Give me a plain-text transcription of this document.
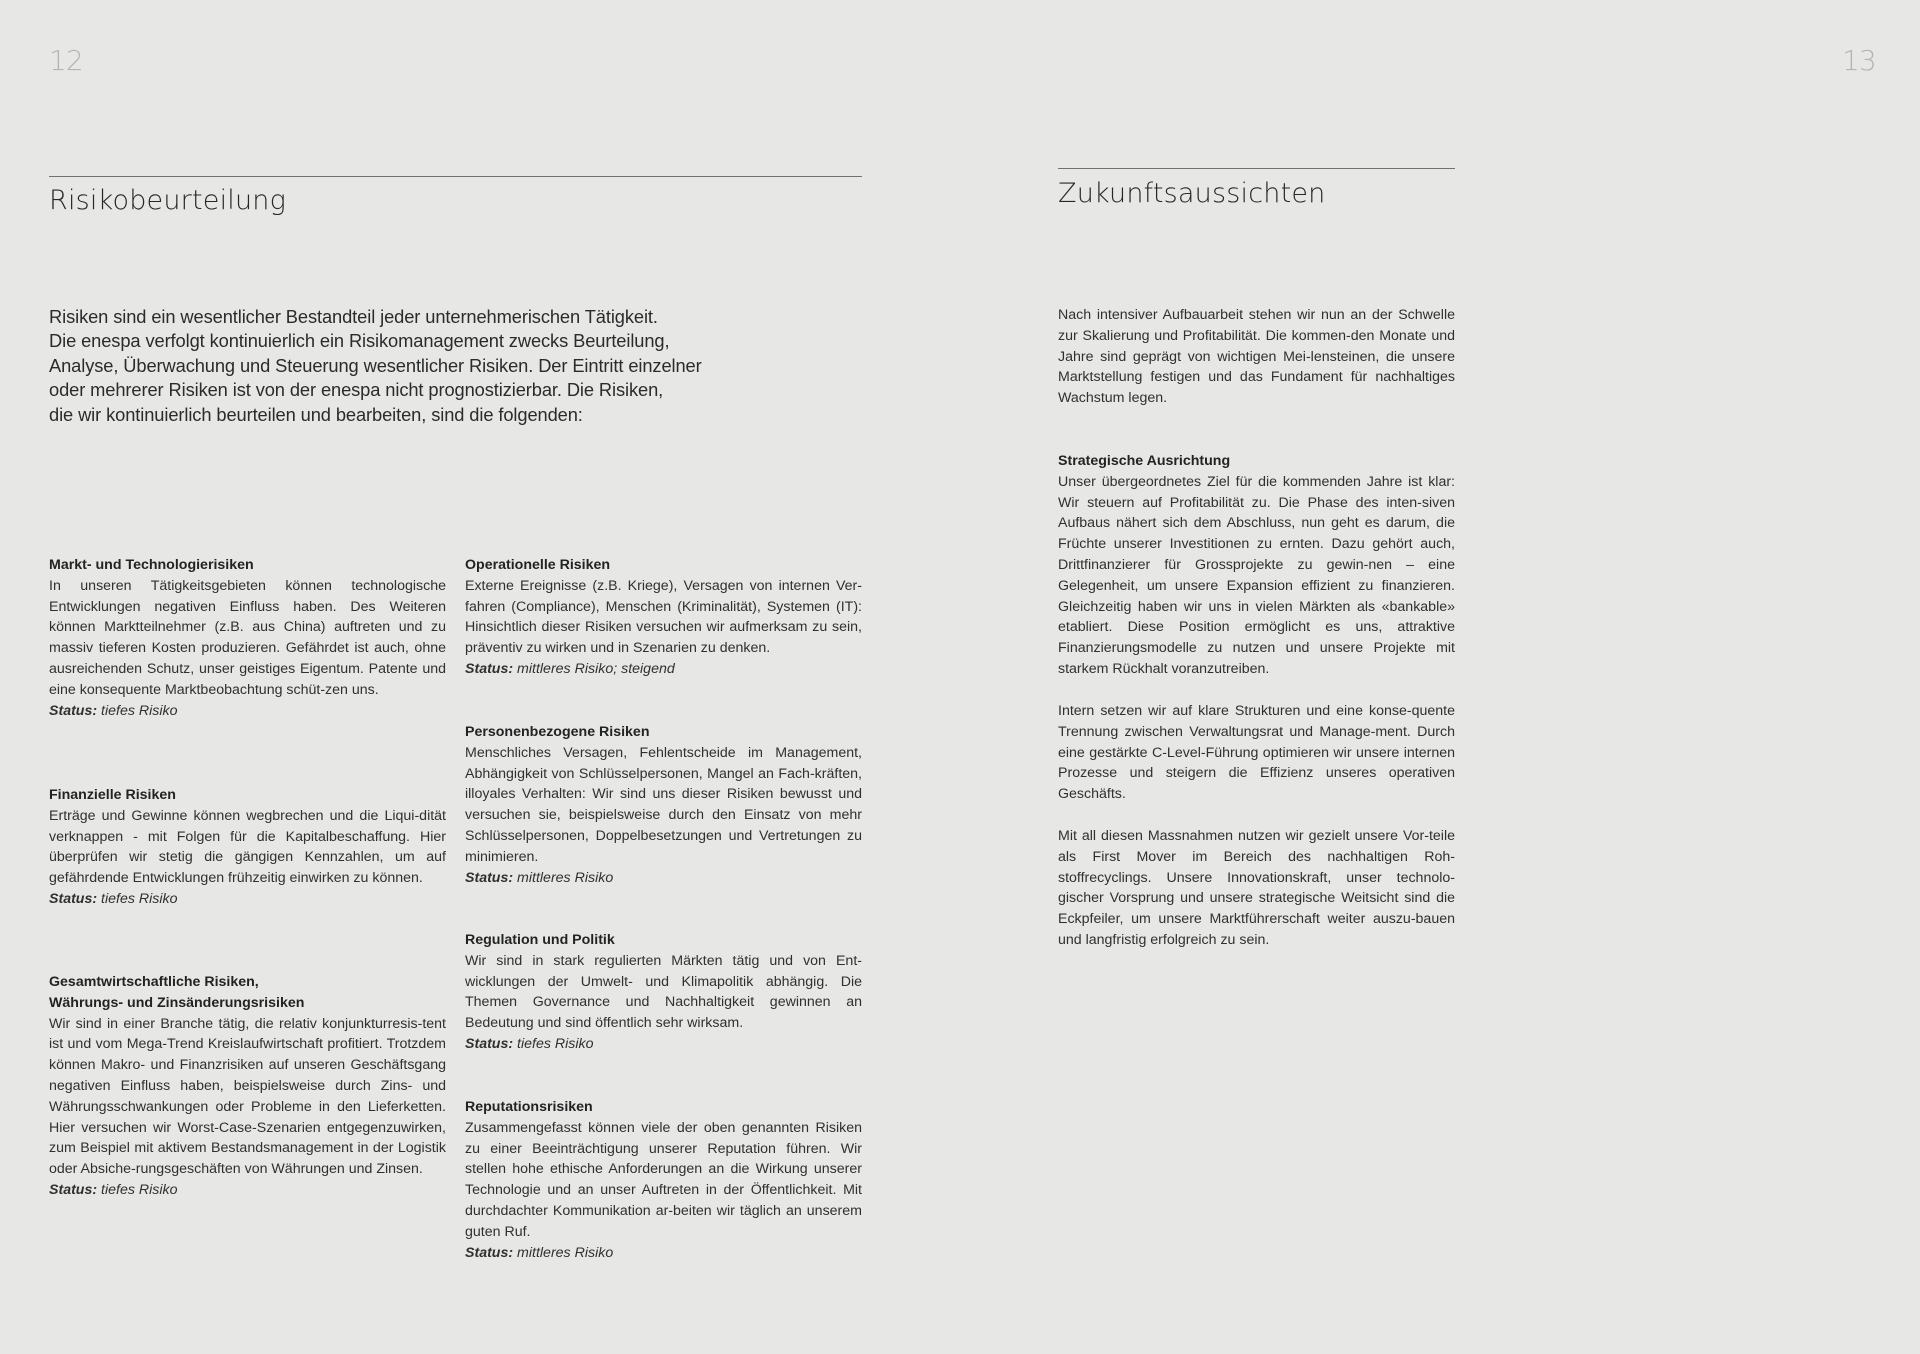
12	13
Risikobeurteilung
Risiken sind ein wesentlicher Bestandteil jeder unternehmerischen Tätigkeit.
Die enespa verfolgt kontinuierlich ein Risikomanagement zwecks Beurteilung,
Analyse, Überwachung und Steuerung wesentlicher Risiken. Der Eintritt einzelner
oder mehrerer Risiken ist von der enespa nicht prognostizierbar. Die Risiken,
die wir kontinuierlich beurteilen und bearbeiten, sind die folgenden:
Markt- und Technologierisiken

In unseren Tätigkeitsgebieten können technologische Entwicklungen negativen Einfluss haben. Des Weiteren können Marktteilnehmer (z.B. aus China) auftreten und zu massiv tieferen Kosten produzieren. Gefährdet ist auch, ohne ausreichenden Schutz, unser geistiges Eigentum. Patente und eine konsequente Marktbeobachtung schüt-zen uns.

Status: tiefes Risiko
Finanzielle Risiken

Erträge und Gewinne können wegbrechen und die Liqui-dität verknappen - mit Folgen für die Kapitalbeschaffung. Hier überprüfen wir stetig die gängigen Kennzahlen, um auf gefährdende Entwicklungen frühzeitig einwirken zu können.

Status: tiefes Risiko
Gesamtwirtschaftliche Risiken,
Währungs- und Zinsänderungsrisiken

Wir sind in einer Branche tätig, die relativ konjunkturresis-tent ist und vom Mega-Trend Kreislaufwirtschaft profitiert. Trotzdem können Makro- und Finanzrisiken auf unseren Geschäftsgang negativen Einfluss haben, beispielsweise durch Zins- und Währungsschwankungen oder Probleme in den Lieferketten. Hier versuchen wir Worst-Case-Szenarien entgegenzuwirken, zum Beispiel mit aktivem Bestandsmanagement in der Logistik oder Absiche-rungsgeschäften von Währungen und Zinsen.

Status: tiefes Risiko
Operationelle Risiken

Externe Ereignisse (z.B. Kriege), Versagen von internen Ver-fahren (Compliance), Menschen (Kriminalität), Systemen (IT): Hinsichtlich dieser Risiken versuchen wir aufmerksam zu sein, präventiv zu wirken und in Szenarien zu denken.

Status: mittleres Risiko; steigend
Personenbezogene Risiken

Menschliches Versagen, Fehlentscheide im Management, Abhängigkeit von Schlüsselpersonen, Mangel an Fach-kräften, illoyales Verhalten: Wir sind uns dieser Risiken bewusst und versuchen sie, beispielsweise durch den Einsatz von mehr Schlüsselpersonen, Doppelbesetzungen und Vertretungen zu minimieren.

Status: mittleres Risiko
Regulation und Politik

Wir sind in stark regulierten Märkten tätig und von Ent-wicklungen der Umwelt- und Klimapolitik abhängig. Die Themen Governance und Nachhaltigkeit gewinnen an Bedeutung und sind öffentlich sehr wirksam.

Status: tiefes Risiko
Reputationsrisiken

Zusammengefasst können viele der oben genannten Risiken zu einer Beeinträchtigung unserer Reputation führen. Wir stellen hohe ethische Anforderungen an die Wirkung unserer Technologie und an unser Auftreten in der Öffentlichkeit. Mit durchdachter Kommunikation ar-beiten wir täglich an unserem guten Ruf.

Status: mittleres Risiko
Zukunftsaussichten

Nach intensiver Aufbauarbeit stehen wir nun an der Schwelle zur Skalierung und Profitabilität. Die kommen-den Monate und Jahre sind geprägt von wichtigen Mei-lensteinen, die unsere Marktstellung festigen und das Fundament für nachhaltiges Wachstum legen.

Strategische Ausrichtung

Unser übergeordnetes Ziel für die kommenden Jahre ist klar: Wir steuern auf Profitabilität zu. Die Phase des inten-siven Aufbaus nähert sich dem Abschluss, nun geht es darum, die Früchte unserer Investitionen zu ernten. Dazu gehört auch, Drittfinanzierer für Grossprojekte zu gewin-nen – eine Gelegenheit, um unsere Expansion effizient zu finanzieren. Gleichzeitig haben wir uns in vielen Märkten als «bankable» etabliert. Diese Position ermöglicht es uns, attraktive Finanzierungsmodelle zu nutzen und unsere Projekte mit starkem Rückhalt voranzutreiben.

Intern setzen wir auf klare Strukturen und eine konse-quente Trennung zwischen Verwaltungsrat und Manage-ment. Durch eine gestärkte C-Level-Führung optimieren wir unsere internen Prozesse und steigern die Effizienz unseres operativen Geschäfts.

Mit all diesen Massnahmen nutzen wir gezielt unsere Vor-teile als First Mover im Bereich des nachhaltigen Roh-stoffrecyclings. Unsere Innovationskraft, unser technolo-gischer Vorsprung und unsere strategische Weitsicht sind die Eckpfeiler, um unsere Marktführerschaft weiter auszu-bauen und langfristig erfolgreich zu sein.
